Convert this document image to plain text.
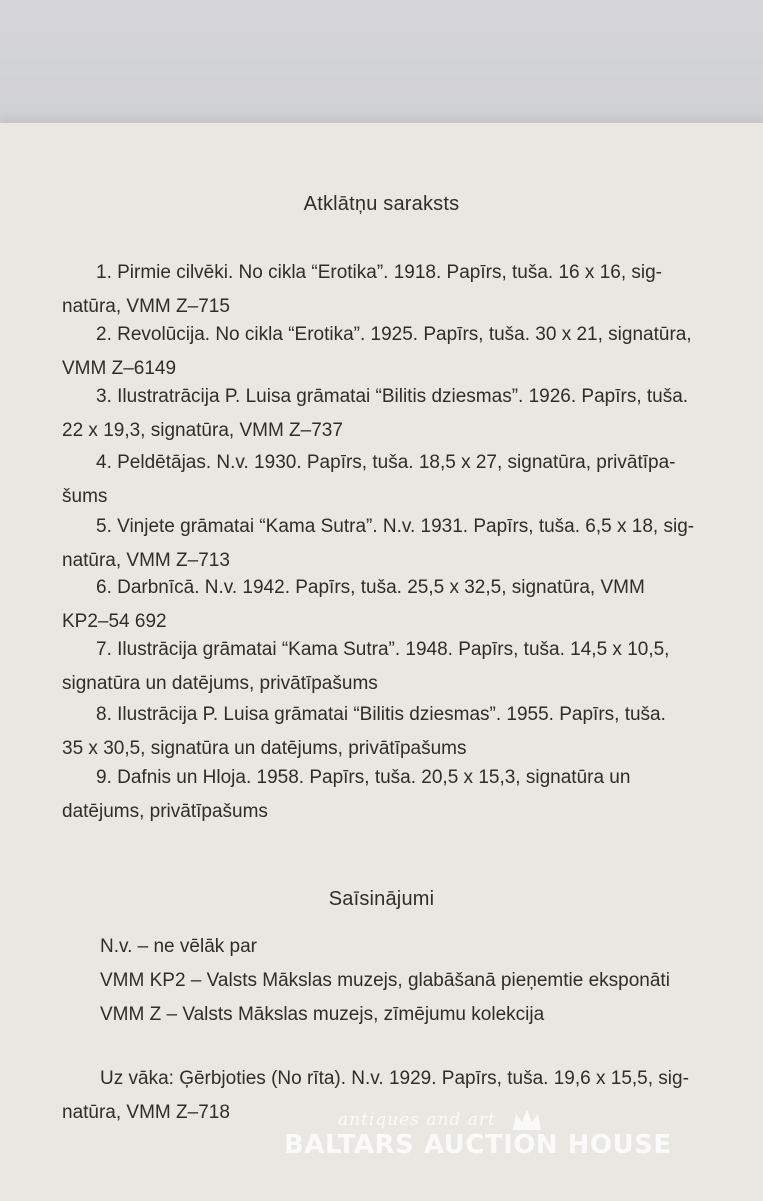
Atklātņu saraksts
1. Pirmie cilvēki. No cikla “Erotika”. 1918. Papīrs, tuša. 16 x 16, sig-
natūra, VMM Z–715
2. Revolūcija. No cikla “Erotika”. 1925. Papīrs, tuša. 30 x 21, signatūra,
VMM Z–6149
3. Ilustratrācija P. Luisa grāmatai “Bilitis dziesmas”. 1926. Papīrs, tuša.
22 x 19,3, signatūra, VMM Z–737
4. Peldētājas. N.v. 1930. Papīrs, tuša. 18,5 x 27, signatūra, privātīpa-
šums
5. Vinjete grāmatai “Kama Sutra”. N.v. 1931. Papīrs, tuša. 6,5 x 18, sig-
natūra, VMM Z–713
6. Darbnīcā. N.v. 1942. Papīrs, tuša. 25,5 x 32,5, signatūra, VMM
KP2–54 692
7. Ilustrācija grāmatai “Kama Sutra”. 1948. Papīrs, tuša. 14,5 x 10,5,
signatūra un datējums, privātīpašums
8. Ilustrācija P. Luisa grāmatai “Bilitis dziesmas”. 1955. Papīrs, tuša.
35 x 30,5, signatūra un datējums, privātīpašums
9. Dafnis un Hloja. 1958. Papīrs, tuša. 20,5 x 15,3, signatūra un
datējums, privātīpašums
Saīsinājumi
N.v. – ne vēlāk par
VMM KP2 – Valsts Mākslas muzejs, glabāšanā pieņemtie eksponāti
VMM Z – Valsts Mākslas muzejs, zīmējumu kolekcija
Uz vāka: Ģērbjoties (No rīta). N.v. 1929. Papīrs, tuša. 19,6 x 15,5, sig-
natūra, VMM Z–718	antiques and art
BALTARS AUCTION HOUSE
